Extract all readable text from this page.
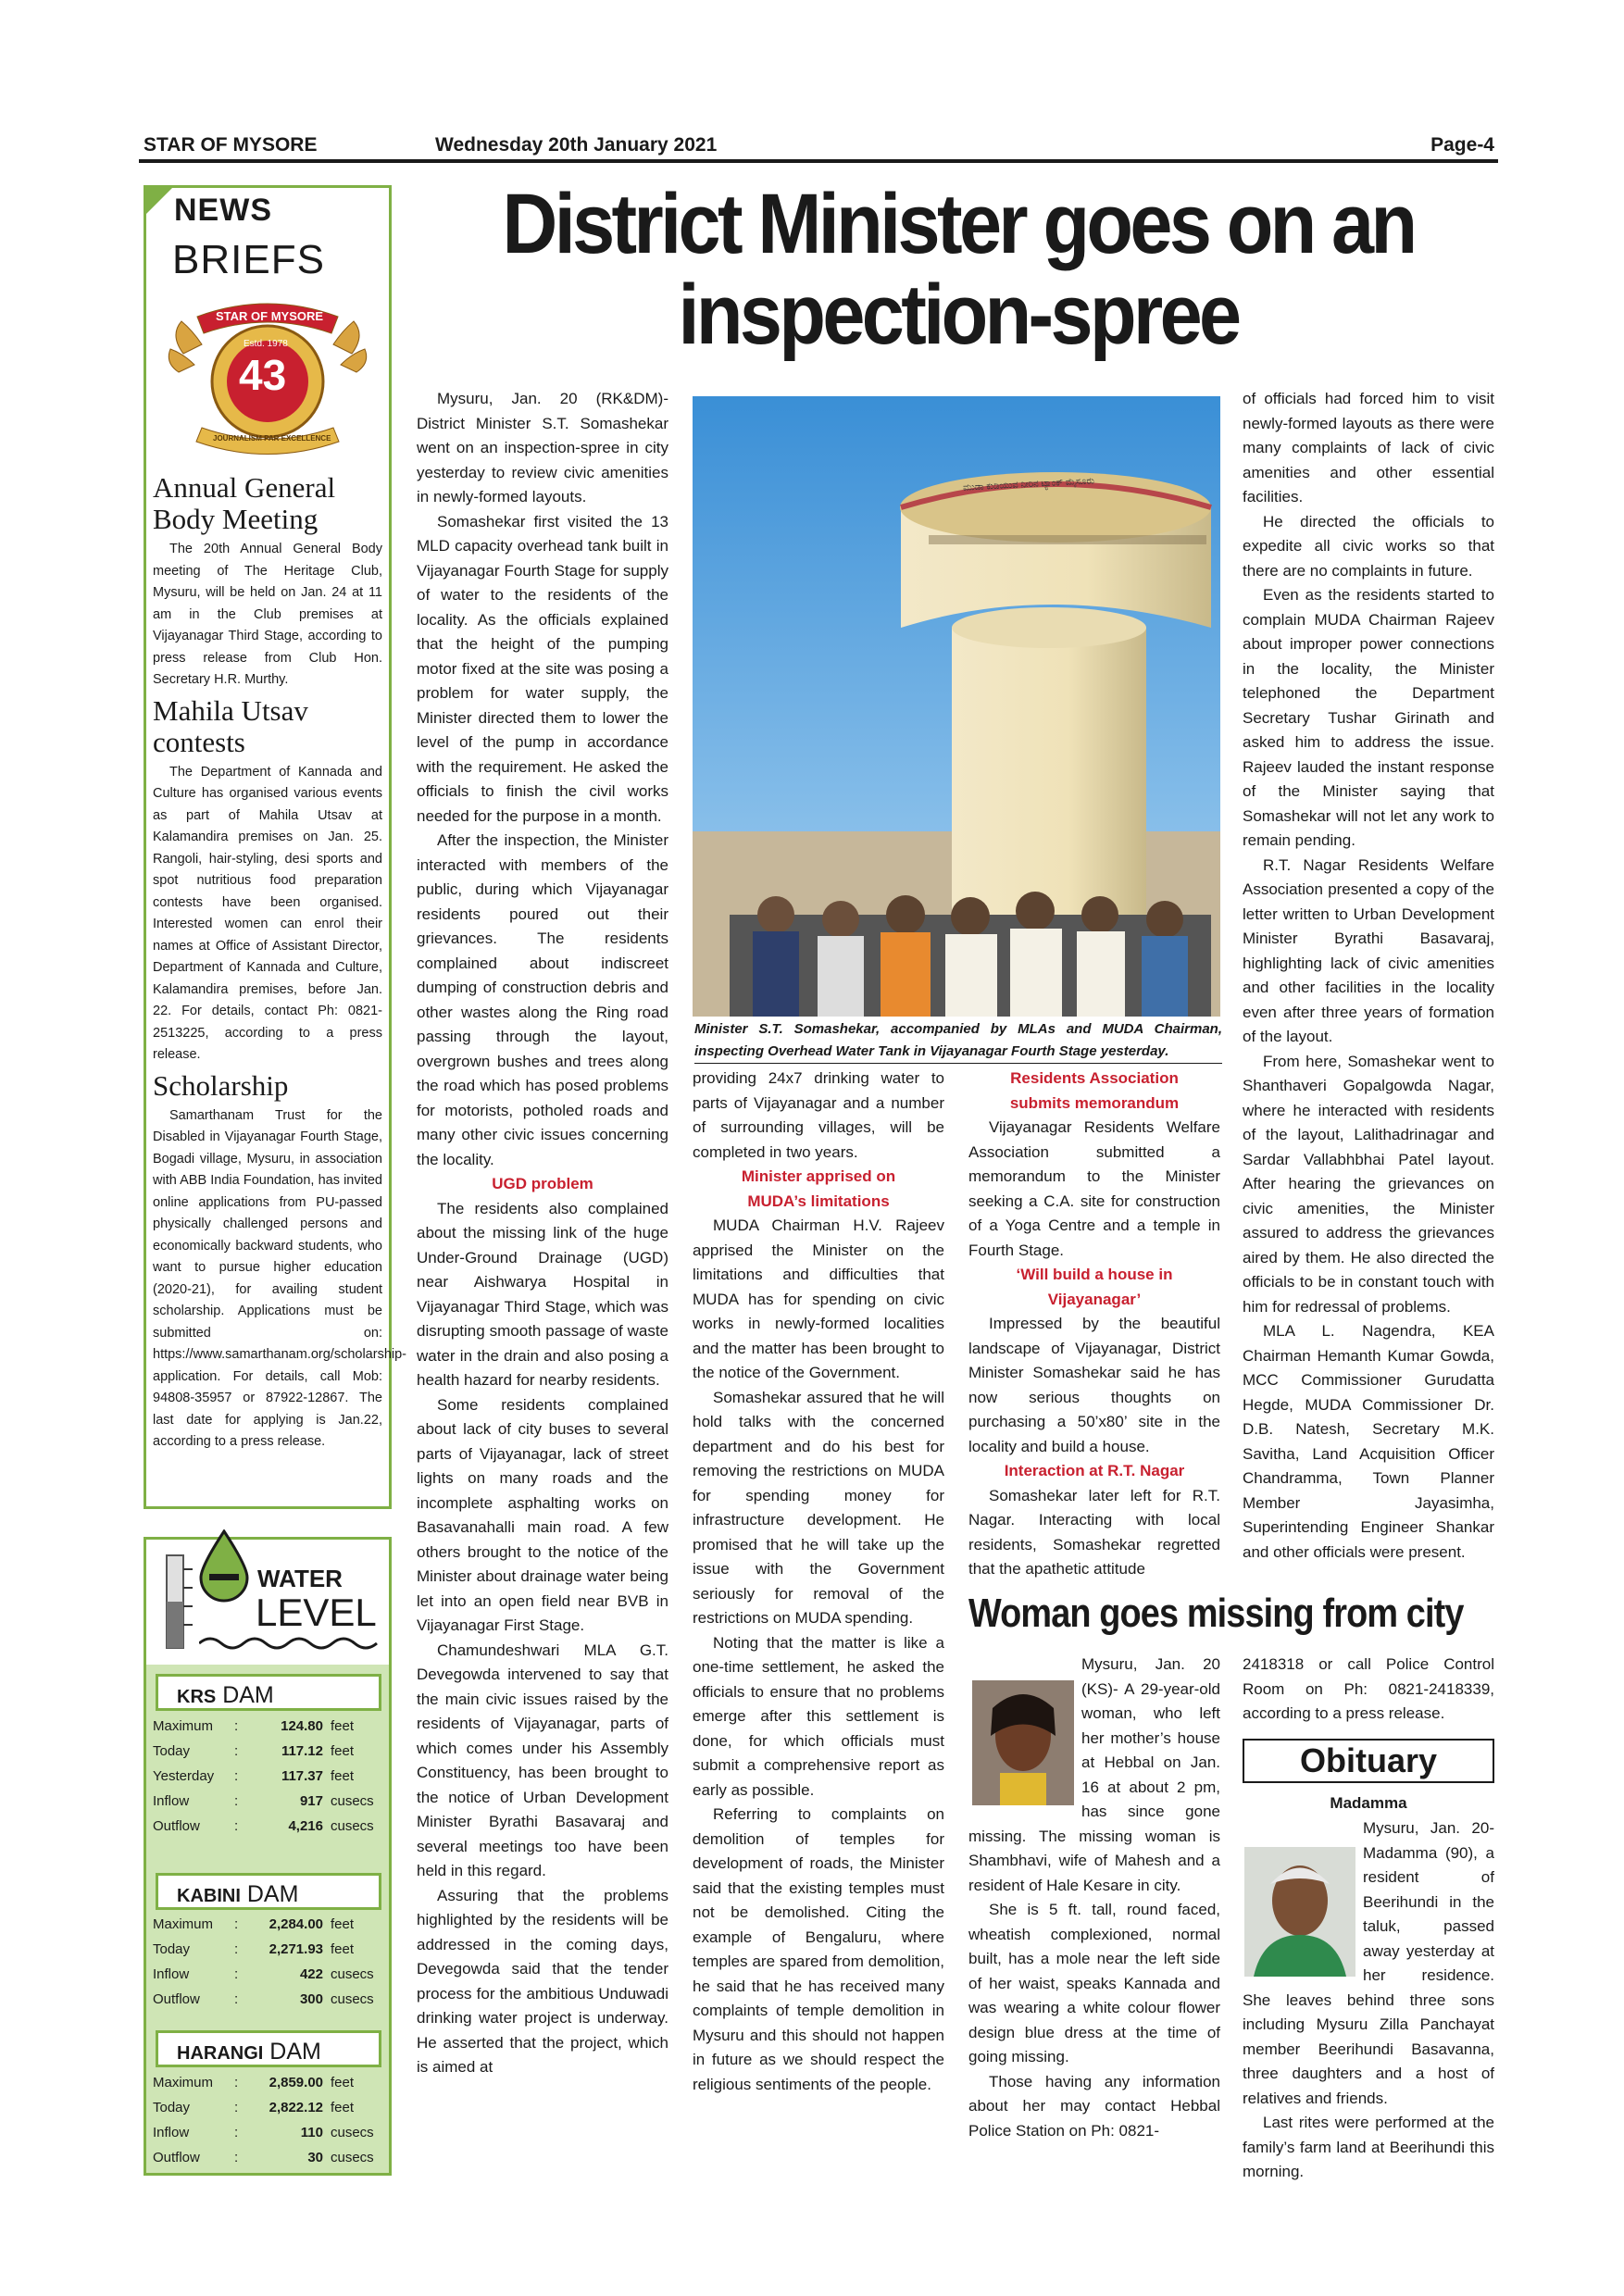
STAR OF MYSORE	Wednesday 20th January 2021	Page-4
NEWS
BRIEFS
STAR OF MYSORE
Estd. 1978
43
JOURNALISM PAR EXCELLENCE
Annual General Body Meeting

The 20th Annual General Body meeting of The Heritage Club, Mysuru, will be held on Jan. 24 at 11 am in the Club premises at Vijayanagar Third Stage, according to press release from Club Hon. Secretary H.R. Murthy.

Mahila Utsav contests

The Department of Kannada and Culture has organised various events as part of Mahila Utsav at Kalamandira premises on Jan. 25. Rangoli, hair-styling, desi sports and spot nutritious food preparation contests have been organised. Interested women can enrol their names at Office of Assistant Director, Department of Kannada and Culture, Kalamandira premises, before Jan. 22. For details, contact Ph: 0821-2513225, according to a press release.

Scholarship

Samarthanam Trust for the Disabled in Vijayanagar Fourth Stage, Bogadi village, Mysuru, in association with ABB India Foundation, has invited online applications from PU-passed physically challenged persons and economically backward students, who want to pursue higher education (2020-21), for availing student scholarship. Applications must be submitted on: https://www.samarthanam.org/scholarship-application. For details, call Mob: 94808-35957 or 87922-12867. The last date for applying is Jan.22, according to a press release.

WATER
LEVEL
KRS DAM
Maximum	:	124.80 feet
Today	:	117.12 feet
Yesterday	:	117.37 feet
Inflow	:	917 cusecs
Outflow	:	4,216 cusecs
KABINI DAM
Maximum	:	2,284.00 feet
Today	:	2,271.93 feet
Inflow	:	422 cusecs
Outflow	:	300 cusecs
HARANGI DAM
Maximum	:	2,859.00 feet
Today	:	2,822.12 feet
Inflow	:	110 cusecs
Outflow	:	30 cusecs
District Minister goes on an inspection-spree

Mysuru, Jan. 20 (RK&DM)- District Minister S.T. Somashekar went on an inspection-spree in city yesterday to review civic amenities in newly-formed layouts.

Somashekar first visited the 13 MLD capacity overhead tank built in Vijayanagar Fourth Stage for supply of water to the residents of the locality. As the officials explained that the height of the pumping motor fixed at the site was posing a problem for water supply, the Minister directed them to lower the level of the pump in accordance with the requirement. He asked the officials to finish the civil works needed for the purpose in a month.

After the inspection, the Minister interacted with members of the public, during which Vijayanagar residents poured out their grievances. The residents complained about indiscreet dumping of construction debris and other wastes along the Ring road passing through the layout, overgrown bushes and trees along the road which has posed problems for motorists, potholed roads and many other civic issues concerning the locality.

UGD problem

The residents also complained about the missing link of the huge Under-Ground Drainage (UGD) near Aishwarya Hospital in Vijayanagar Third Stage, which was disrupting smooth passage of waste water in the drain and also posing a health hazard for nearby residents.

Some residents complained about lack of city buses to several parts of Vijayanagar, lack of street lights on many roads and the incomplete asphalting works on Basavanahalli main road. A few others brought to the notice of the Minister about drainage water being let into an open field near BVB in Vijayanagar First Stage.

Chamundeshwari MLA G.T. Devegowda intervened to say that the main civic issues raised by the residents of Vijayanagar, parts of which comes under his Assembly Constituency, has been brought to the notice of Urban Development Minister Byrathi Basavaraj and several meetings too have been held in this regard.

Assuring that the problems highlighted by the residents will be addressed in the coming days, Devegowda said that the tender process for the ambitious Unduwadi drinking water project is underway. He asserted that the project, which is aimed at

ಮುಡಾ ಕುಡಿಯುವ ನೀರಿನ ಟ್ಯಾಂಕ್ ಮೈಸೂರು
Minister S.T. Somashekar, accompanied by MLAs and MUDA Chairman, inspecting Overhead Water Tank in Vijayanagar Fourth Stage yesterday.

providing 24x7 drinking water to parts of Vijayanagar and a number of surrounding villages, will be completed in two years.

Minister apprised on MUDA’s limitations

MUDA Chairman H.V. Rajeev apprised the Minister on the limitations and difficulties that MUDA has for spending on civic works in newly-formed localities and the matter has been brought to the notice of the Government.

Somashekar assured that he will hold talks with the concerned department and do his best for removing the restrictions on MUDA for spending money for infrastructure development. He promised that he will take up the issue with the Government seriously for removal of the restrictions on MUDA spending.

Noting that the matter is like a one-time settlement, he asked the officials to ensure that no problems emerge after this settlement is done, for which officials must submit a comprehensive report as early as possible.

Referring to complaints on demolition of temples for development of roads, the Minister said that the existing temples must not be demolished. Citing the example of Bengaluru, where temples are spared from demolition, he said that he has received many complaints of temple demolition in Mysuru and this should not happen in future as we should respect the religious sentiments of the people.

Residents Association submits memorandum

Vijayanagar Residents Welfare Association submitted a memorandum to the Minister seeking a C.A. site for construction of a Yoga Centre and a temple in Fourth Stage.

‘Will build a house in Vijayanagar’

Impressed by the beautiful landscape of Vijayanagar, District Minister Somashekar said he has now serious thoughts on purchasing a 50’x80’ site in the locality and build a house.

Interaction at R.T. Nagar

Somashekar later left for R.T. Nagar. Interacting with local residents, Somashekar regretted that the apathetic attitude

of officials had forced him to visit newly-formed layouts as there were many complaints of lack of civic amenities and other essential facilities.

He directed the officials to expedite all civic works so that there are no complaints in future.

Even as the residents started to complain MUDA Chairman Rajeev about improper power connections in the locality, the Minister telephoned the Department Secretary Tushar Girinath and asked him to address the issue. Rajeev lauded the instant response of the Minister saying that Somashekar will not let any work to remain pending.

R.T. Nagar Residents Welfare Association presented a copy of the letter written to Urban Development Minister Byrathi Basavaraj, highlighting lack of civic amenities and other facilities in the locality even after three years of formation of the layout.

From here, Somashekar went to Shanthaveri Gopalgowda Nagar, where he interacted with residents of the layout, Lalithadrinagar and Sardar Vallabhbhai Patel layout. After hearing the grievances on civic amenities, the Minister assured to address the grievances aired by them. He also directed the officials to be in constant touch with him for redressal of problems.

MLA L. Nagendra, KEA Chairman Hemanth Kumar Gowda, MCC Commissioner Gurudatta Hegde, MUDA Commissioner Dr. D.B. Natesh, Secretary M.K. Savitha, Land Acquisition Officer Chandramma, Town Planner Member Jayasimha, Superintending Engineer Shankar and other officials were present.

Woman goes missing from city

Mysuru, Jan. 20 (KS)- A 29-year-old woman, who left her mother’s house at Hebbal on Jan. 16 at about 2 pm, has since gone missing. The missing woman is Shambhavi, wife of Mahesh and a resident of Hale Kesare in city.

She is 5 ft. tall, round faced, wheatish complexioned, normal built, has a mole near the left side of her waist, speaks Kannada and was wearing a white colour flower design blue dress at the time of going missing.

Those having any information about her may contact Hebbal Police Station on Ph: 0821-

2418318 or call Police Control Room on Ph: 0821-2418339, according to a press release.

Obituary
Madamma

Mysuru, Jan. 20- Madamma (90), a resident of Beerihundi in the taluk, passed away yesterday at her residence. She leaves behind three sons including Mysuru Zilla Panchayat member Beerihundi Basavanna, three daughters and a host of relatives and friends.

Last rites were performed at the family’s farm land at Beerihundi this morning.
